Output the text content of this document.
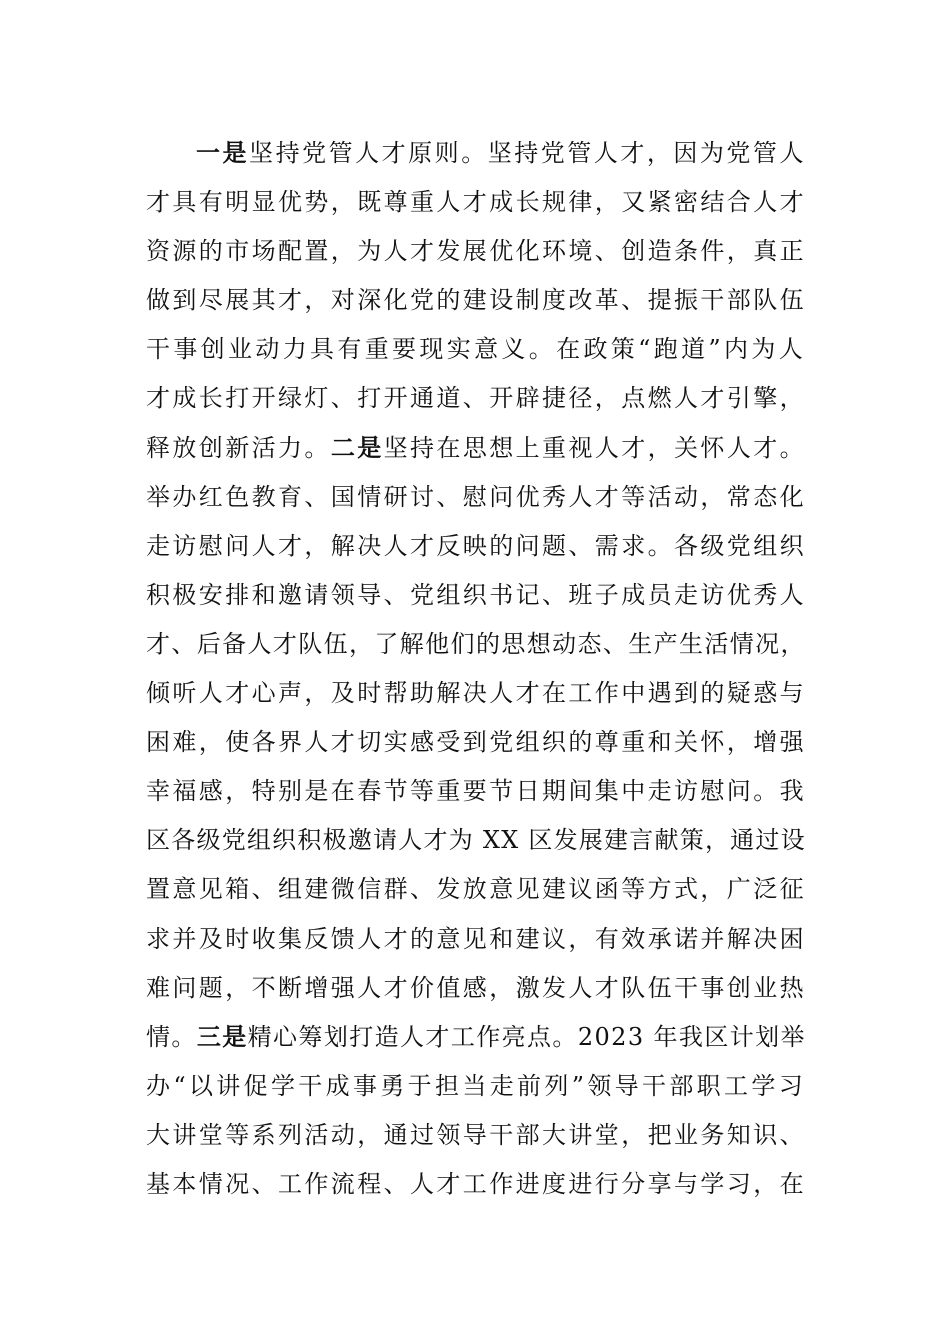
一是坚持党管人才原则。坚持党管人才，因为党管人
才具有明显优势，既尊重人才成长规律，又紧密结合人才
资源的市场配置，为人才发展优化环境、创造条件，真正
做到尽展其才，对深化党的建设制度改革、提振干部队伍
干事创业动力具有重要现实意义。在政策“跑道”内为人
才成长打开绿灯、打开通道、开辟捷径，点燃人才引擎，
释放创新活力。二是坚持在思想上重视人才，关怀人才。
举办红色教育、国情研讨、慰问优秀人才等活动，常态化
走访慰问人才，解决人才反映的问题、需求。各级党组织
积极安排和邀请领导、党组织书记、班子成员走访优秀人
才、后备人才队伍，了解他们的思想动态、生产生活情况，
倾听人才心声，及时帮助解决人才在工作中遇到的疑惑与
困难，使各界人才切实感受到党组织的尊重和关怀，增强
幸福感，特别是在春节等重要节日期间集中走访慰问。我
区各级党组织积极邀请人才为 XX 区发展建言献策，通过设
置意见箱、组建微信群、发放意见建议函等方式，广泛征
求并及时收集反馈人才的意见和建议，有效承诺并解决困
难问题，不断增强人才价值感，激发人才队伍干事创业热
情。三是精心筹划打造人才工作亮点。2023 年我区计划举
办“以讲促学干成事勇于担当走前列”领导干部职工学习
大讲堂等系列活动，通过领导干部大讲堂，把业务知识、
基本情况、工作流程、人才工作进度进行分享与学习，在
